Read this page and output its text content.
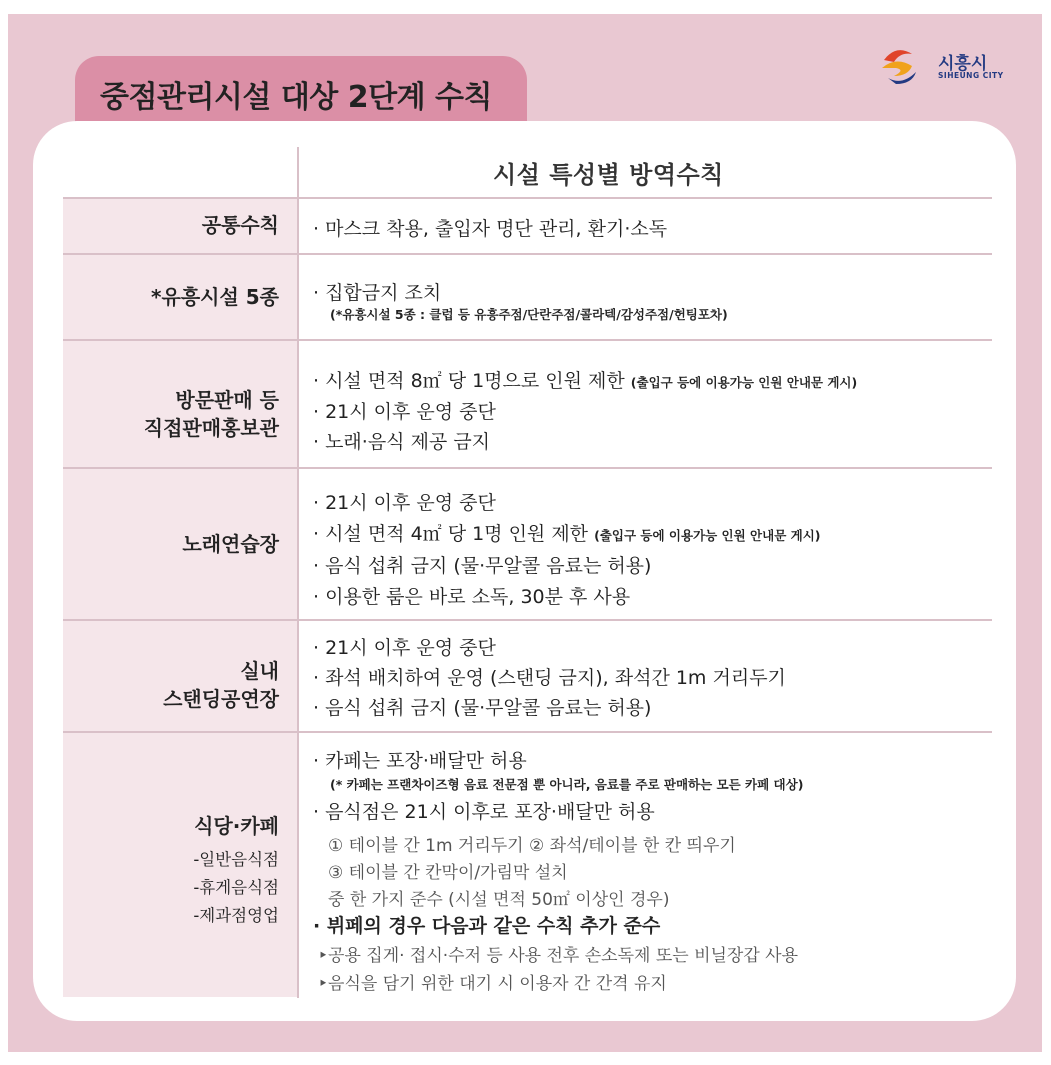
중점관리시설 대상 2단계 수칙
시흥시
SIHEUNG CITY
시설 특성별 방역수칙
공통수칙 · 마스크 착용, 출입자 명단 관리, 환기·소독
*유흥시설 5종 · 집합금지 조치
(*유흥시설 5종 : 클럽 등 유흥주점/단란주점/콜라텍/감성주점/헌팅포차)
방문판매 등
직접판매홍보관
· 시설 면적 8㎡ 당 1명으로 인원 제한 (출입구 등에 이용가능 인원 안내문 게시)
· 21시 이후 운영 중단
· 노래·음식 제공 금지
노래연습장
· 21시 이후 운영 중단
· 시설 면적 4㎡ 당 1명 인원 제한 (출입구 등에 이용가능 인원 안내문 게시)
· 음식 섭취 금지 (물·무알콜 음료는 허용)
· 이용한 룸은 바로 소독, 30분 후 사용
실내
스탠딩공연장
· 21시 이후 운영 중단
· 좌석 배치하여 운영 (스탠딩 금지), 좌석간 1m 거리두기
· 음식 섭취 금지 (물·무알콜 음료는 허용)
식당·카페
-일반음식점
-휴게음식점
-제과점영업
· 카페는 포장·배달만 허용
(* 카페는 프랜차이즈형 음료 전문점 뿐 아니라, 음료를 주로 판매하는 모든 카페 대상)
· 음식점은 21시 이후로 포장·배달만 허용
① 테이블 간 1m 거리두기 ② 좌석/테이블 한 칸 띄우기
③ 테이블 간 칸막이/가림막 설치
중 한 가지 준수 (시설 면적 50㎡ 이상인 경우)
· 뷔페의 경우 다음과 같은 수칙 추가 준수
‣공용 집게· 접시·수저 등 사용 전후 손소독제 또는 비닐장갑 사용
‣음식을 담기 위한 대기 시 이용자 간 간격 유지
